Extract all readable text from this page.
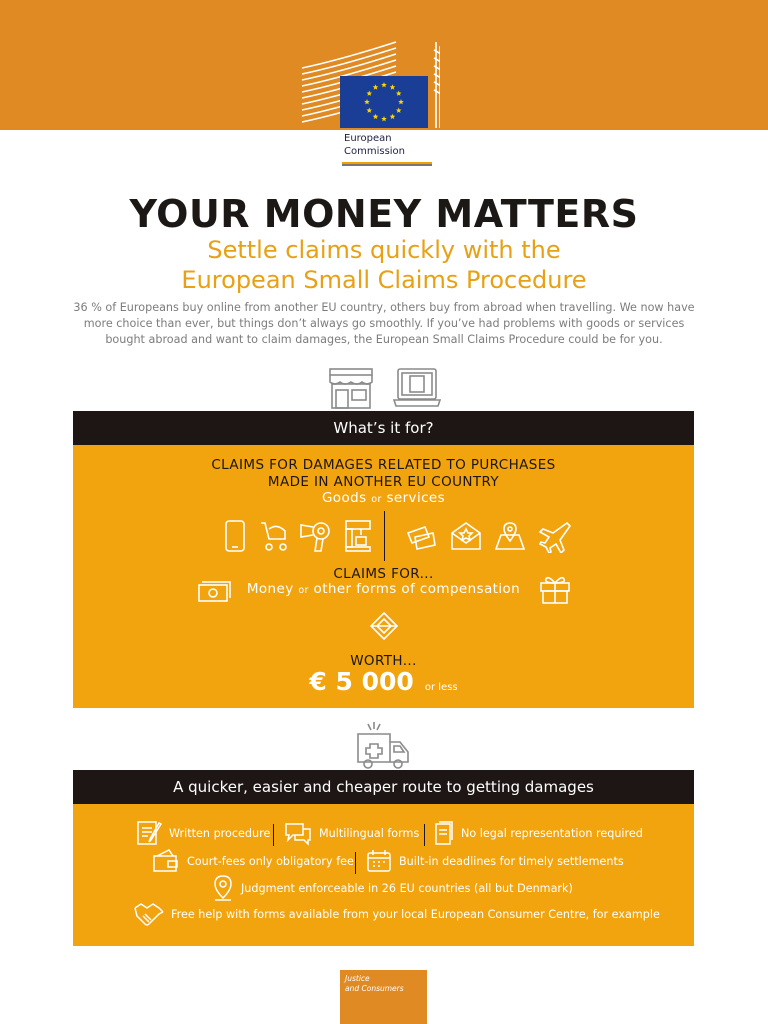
European
Commission
YOUR MONEY MATTERS
Settle claims quickly with the
European Small Claims Procedure
36 % of Europeans buy online from another EU country, others buy from abroad when travelling. We now have more choice than ever, but things don’t always go smoothly. If you’ve had problems with goods or services bought abroad and want to claim damages, the European Small Claims Procedure could be for you.
What’s it for?
CLAIMS FOR DAMAGES RELATED TO PURCHASES
MADE IN ANOTHER EU COUNTRY
Goods or services
CLAIMS FOR...
Money or other forms of compensation
WORTH...
€ 5 000 or less
A quicker, easier and cheaper route to getting damages
Written procedure	Multilingual forms	No legal representation required
Court-fees only obligatory fee	Built-in deadlines for timely settlements
Judgment enforceable in 26 EU countries (all but Denmark)
Free help with forms available from your local European Consumer Centre, for example
Justice
and Consumers
